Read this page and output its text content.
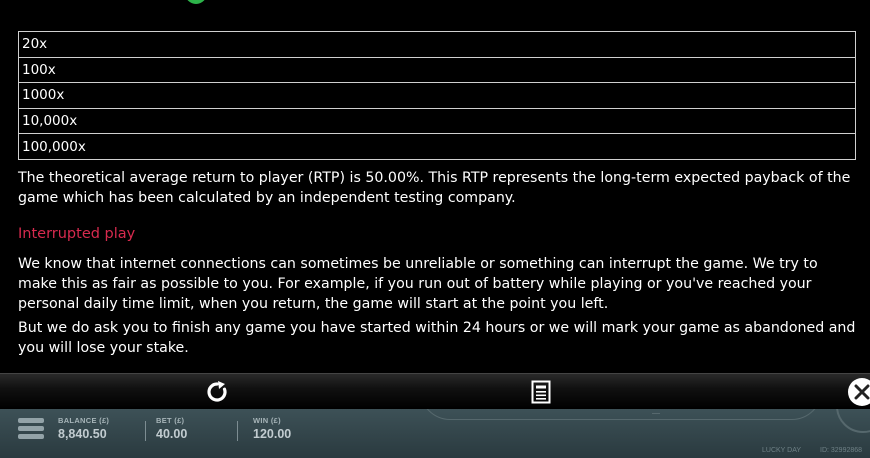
20x
100x
1000x
10,000x
100,000x

The theoretical average return to player (RTP) is 50.00%. This RTP represents the long-term expected payback of the game which has been calculated by an independent testing company.

Interrupted play

We know that internet connections can sometimes be unreliable or something can interrupt the game. We try to make this as fair as possible to you. For example, if you run out of battery while playing or you've reached your personal daily time limit, when you return, the game will start at the point you left.

But we do ask you to finish any game you have started within 24 hours or we will mark your game as abandoned and you will lose your stake.

BALANCE (£)
8,840.50
BET (£)
40.00
WIN (£)
120.00
LUCKY DAY	ID: 32992868
